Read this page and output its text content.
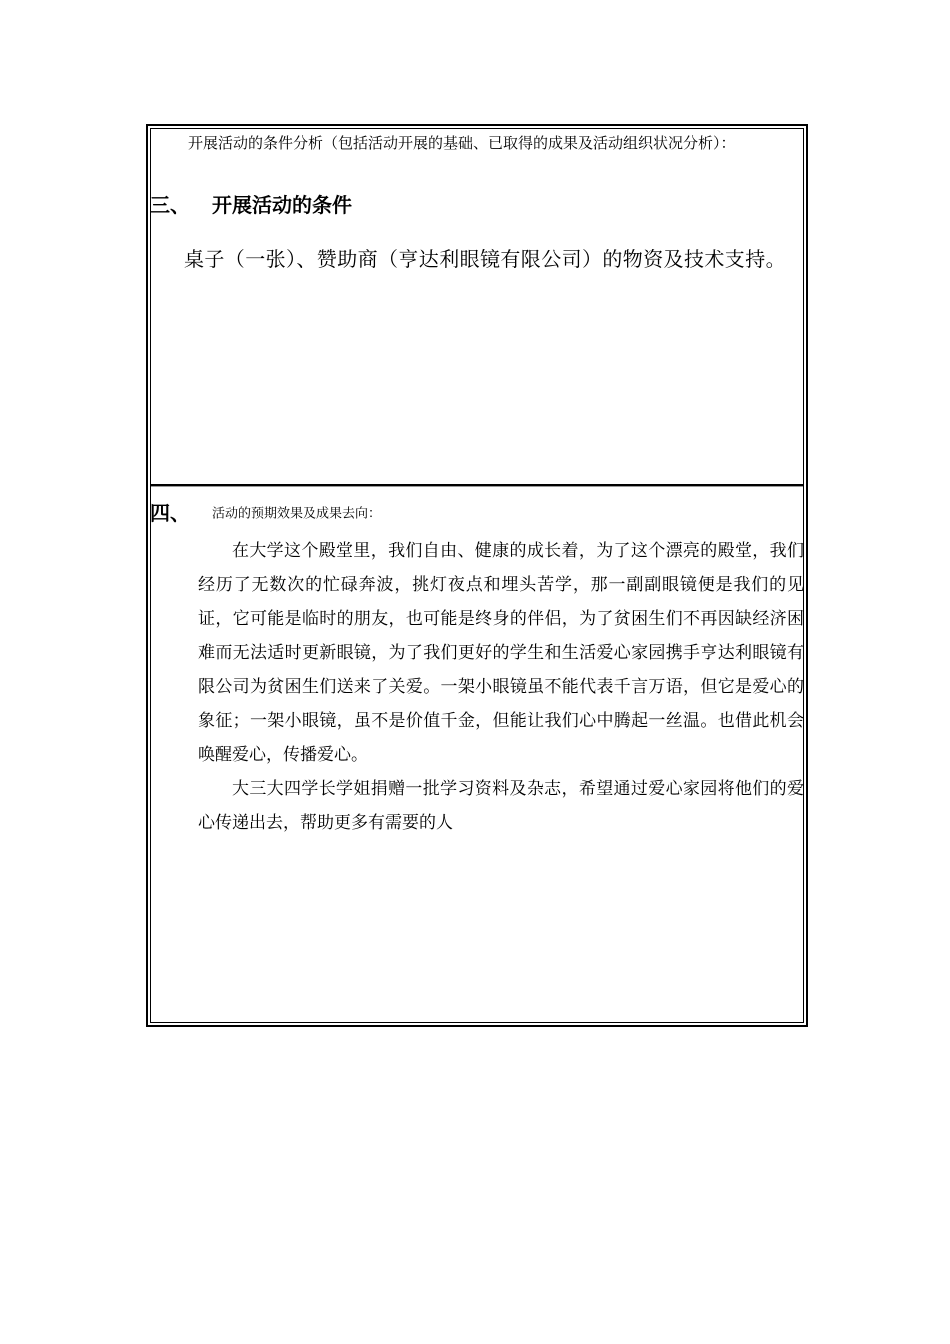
开展活动的条件分析（包括活动开展的基础、已取得的成果及活动组织状况分析）：
三、 开展活动的条件
桌子（一张）、赞助商（亨达利眼镜有限公司）的物资及技术支持。
四、 活动的预期效果及成果去向：

在大学这个殿堂里，我们自由、健康的成长着，为了这个漂亮的殿堂，我们经历了无数次的忙碌奔波，挑灯夜点和埋头苦学，那一副副眼镜便是我们的见证，它可能是临时的朋友，也可能是终身的伴侣，为了贫困生们不再因缺经济困难而无法适时更新眼镜，为了我们更好的学生和生活爱心家园携手亨达利眼镜有限公司为贫困生们送来了关爱。一架小眼镜虽不能代表千言万语，但它是爱心的象征；一架小眼镜，虽不是价值千金，但能让我们心中腾起一丝温。也借此机会唤醒爱心，传播爱心。

大三大四学长学姐捐赠一批学习资料及杂志，希望通过爱心家园将他们的爱心传递出去，帮助更多有需要的人
